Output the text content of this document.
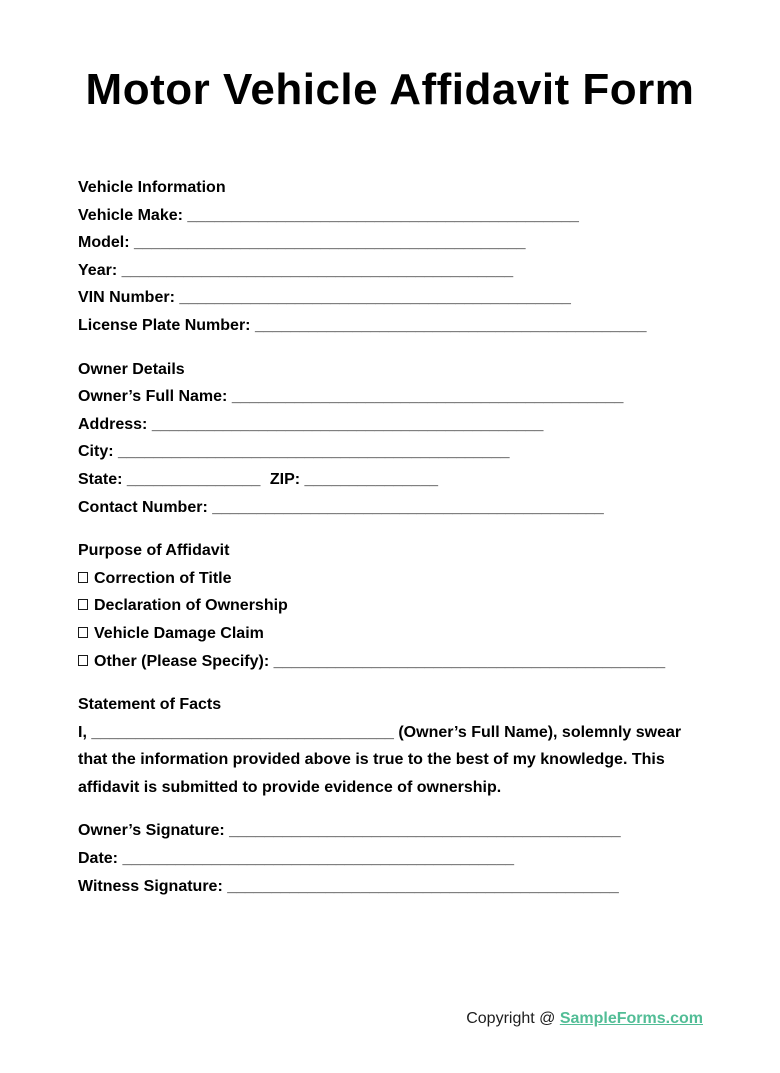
Motor Vehicle Affidavit Form
Vehicle Information
Vehicle Make: ____________________________________________
Model: ____________________________________________
Year: ____________________________________________
VIN Number: ____________________________________________
License Plate Number: ____________________________________________
Owner Details
Owner’s Full Name: ____________________________________________
Address: ____________________________________________
City: ____________________________________________
State: _______________ ZIP: _______________
Contact Number: ____________________________________________
Purpose of Affidavit
Correction of Title
Declaration of Ownership
Vehicle Damage Claim
Other (Please Specify): ____________________________________________
Statement of Facts

I, __________________________________ (Owner’s Full Name), solemnly swear that the information provided above is true to the best of my knowledge. This affidavit is submitted to provide evidence of ownership.

Owner’s Signature: ____________________________________________
Date: ____________________________________________
Witness Signature: ____________________________________________
Copyright @ SampleForms.com
